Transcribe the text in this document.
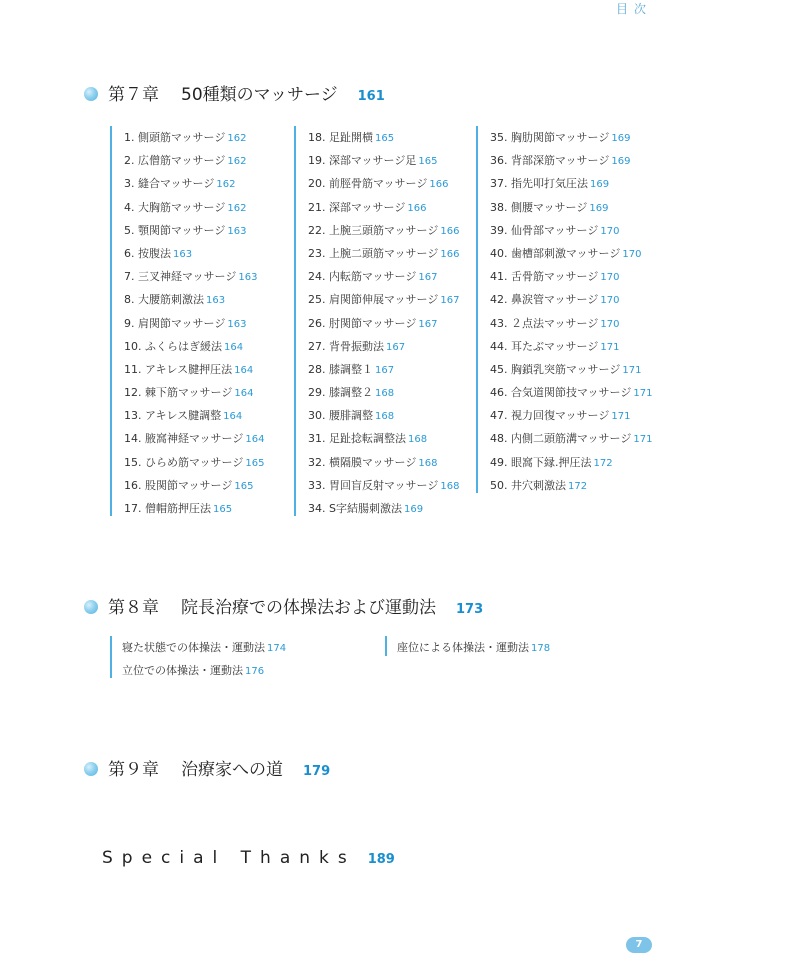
目次
第７章 50種類のマッサージ 161
1. 側頭筋マッサージ 162
2. 広僧筋マッサージ 162
3. 縫合マッサージ 162
4. 大胸筋マッサージ 162
5. 顎関節マッサージ 163
6. 按腹法 163
7. 三叉神経マッサージ 163
8. 大腰筋刺激法 163
9. 肩関節マッサージ 163
10. ふくらはぎ緩法 164
11. アキレス腱押圧法 164
12. 棘下筋マッサージ 164
13. アキレス腱調整 164
14. 腋窩神経マッサージ 164
15. ひらめ筋マッサージ 165
16. 股関節マッサージ 165
17. 僧帽筋押圧法 165
18. 足趾開横 165
19. 深部マッサージ足 165
20. 前脛骨筋マッサージ 166
21. 深部マッサージ 166
22. 上腕三頭筋マッサージ 166
23. 上腕二頭筋マッサージ 166
24. 内転筋マッサージ 167
25. 肩関節伸展マッサージ 167
26. 肘関節マッサージ 167
27. 背骨振動法 167
28. 膝調整１ 167
29. 膝調整２ 168
30. 腰腓調整 168
31. 足趾捻転調整法 168
32. 横隔膜マッサージ 168
33. 胃回盲反射マッサージ 168
34. S字結腸刺激法 169
35. 胸肋関節マッサージ 169
36. 背部深筋マッサージ 169
37. 指先叩打気圧法 169
38. 側腰マッサージ 169
39. 仙骨部マッサージ 170
40. 歯槽部刺激マッサージ 170
41. 舌骨筋マッサージ 170
42. 鼻涙管マッサージ 170
43. ２点法マッサージ 170
44. 耳たぶマッサージ 171
45. 胸鎖乳突筋マッサージ 171
46. 合気道関節技マッサージ 171
47. 視力回復マッサージ 171
48. 内側二頭筋溝マッサージ 171
49. 眼窩下縁.押圧法 172
50. 井穴刺激法 172
第８章 院長治療での体操法および運動法 173
寝た状態での体操法・運動法 174
立位での体操法・運動法 176
座位による体操法・運動法 178
第９章 治療家への道 179
Special Thanks 189
7
